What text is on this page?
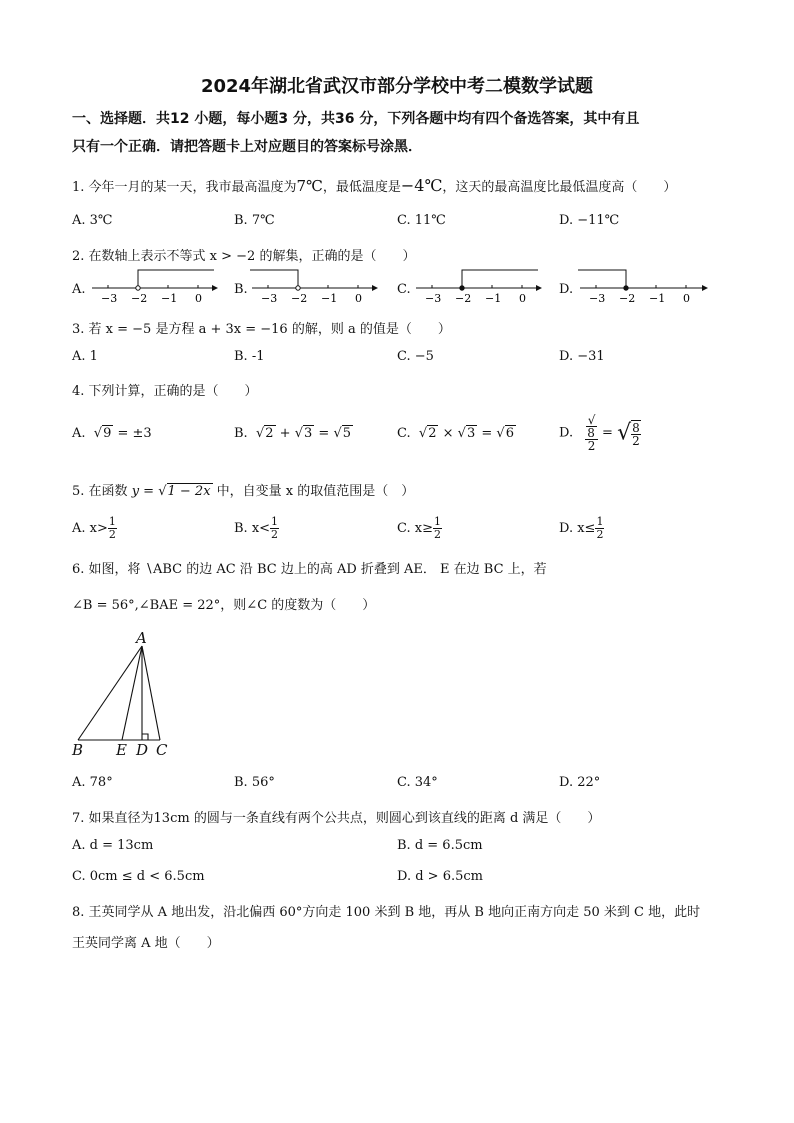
2024年湖北省武汉市部分学校中考二模数学试题
一、选择题．共12 小题，每小题3 分，共36 分，下列各题中均有四个备选答案，其中有且
只有一个正确．请把答题卡上对应题目的答案标号涂黑．
1. 今年一月的某一天，我市最高温度为7℃，最低温度是−4℃，这天的最高温度比最低温度高（　　）
A. 3℃	B. 7℃	C. 11℃	D. −11℃
2. 在数轴上表示不等式 x > −2 的解集，正确的是（　　）
A.
−3 −2 −1 0
B.
−3 −2 −1 0
C.
−3 −2 −1 0
D.
−3 −2 −1 0
3. 若 x = −5 是方程 a + 3x = −16 的解，则 a 的值是（　　）
A. 1	B. -1	C. −5	D. −31
4. 下列计算，正确的是（　　）
A.  √9 = ±3	B.  √2 + √3 = √5	C.  √2 × √3 = √6	D. √
8
2 = √ $\frac{8}{2}$
5. 在函数 y = √1 − 2x 中，自变量 x 的取值范围是（　）
A. $x> \frac{1}{2}$	B. $x< \frac{1}{2}$	C. $x\ge \frac{1}{2}$	D. $x\le \frac{1}{2}$
6. 如图，将 ∖ABC 的边 AC 沿 BC 边上的高 AD 折叠到 AE． E 在边 BC 上，若
∠B = 56°,∠BAE = 22°，则∠C 的度数为（　　）
A
B E D C
A. 78°	B. 56°	C. 34°	D. 22°
7. 如果直径为13cm 的圆与一条直线有两个公共点，则圆心到该直线的距离 d 满足（　　）
A. d = 13cm	B. d = 6.5cm
C. 0cm ≤ d < 6.5cm	D. d > 6.5cm
8. 王英同学从 A 地出发，沿北偏西 60°方向走 100 米到 B 地，再从 B 地向正南方向走 50 米到 C 地，此时
王英同学离 A 地（　　）
